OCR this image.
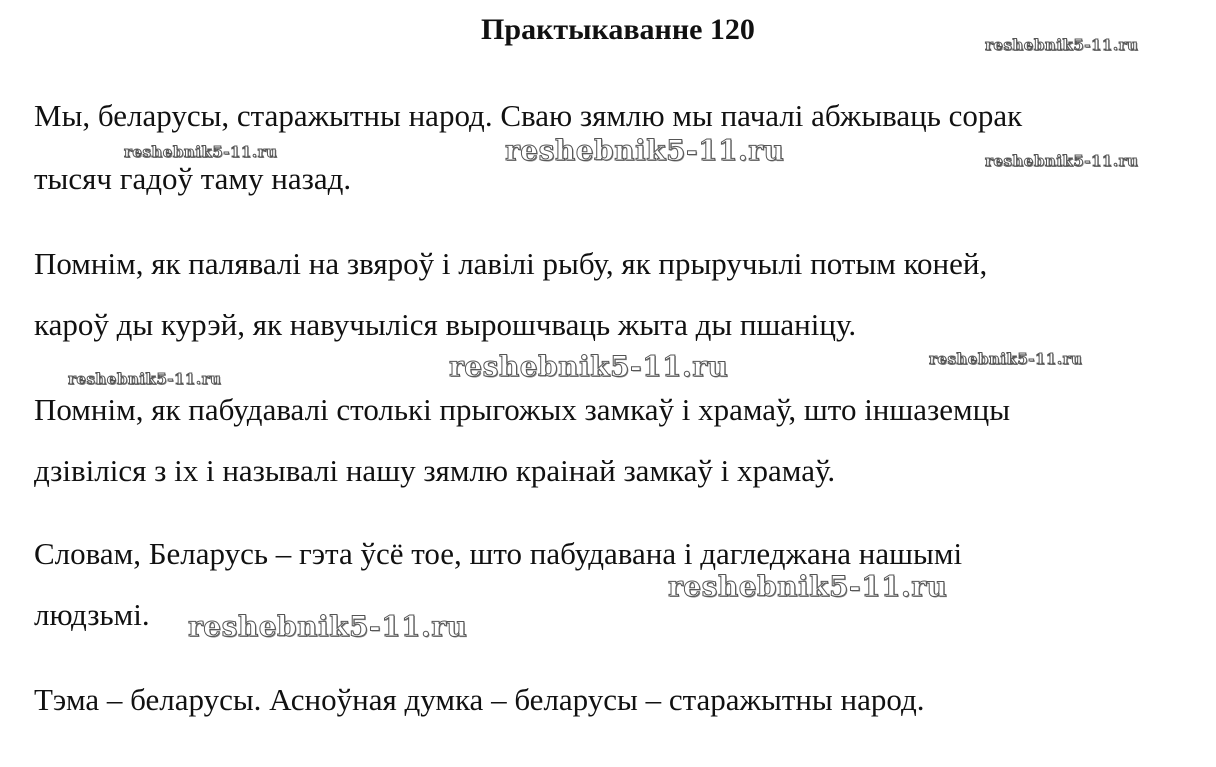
Практыкаванне 120

Мы, беларусы, старажытны народ. Сваю зямлю мы пачалі абжываць сорак

тысяч гадоў таму назад.

Помнім, як палявалі на звяроў і лавілі рыбу, як прыручылі потым коней,

кароў ды курэй, як навучыліся вырошчваць жыта ды пшаніцу.

Помнім, як пабудавалі столькі прыгожых замкаў і храмаў, што іншаземцы

дзівіліся з іх і называлі нашу зямлю краінай замкаў і храмаў.

Словам, Беларусь – гэта ўсё тое, што пабудавана і дагледжана нашымі

людзьмі.

Тэма – беларусы. Асноўная думка – беларусы – старажытны народ.

reshebnik5-11.ru
reshebnik5-11.ru	reshebnik5-11.ru	reshebnik5-11.ru
reshebnik5-11.ru	reshebnik5-11.ru	reshebnik5-11.ru
reshebnik5-11.ru
reshebnik5-11.ru
